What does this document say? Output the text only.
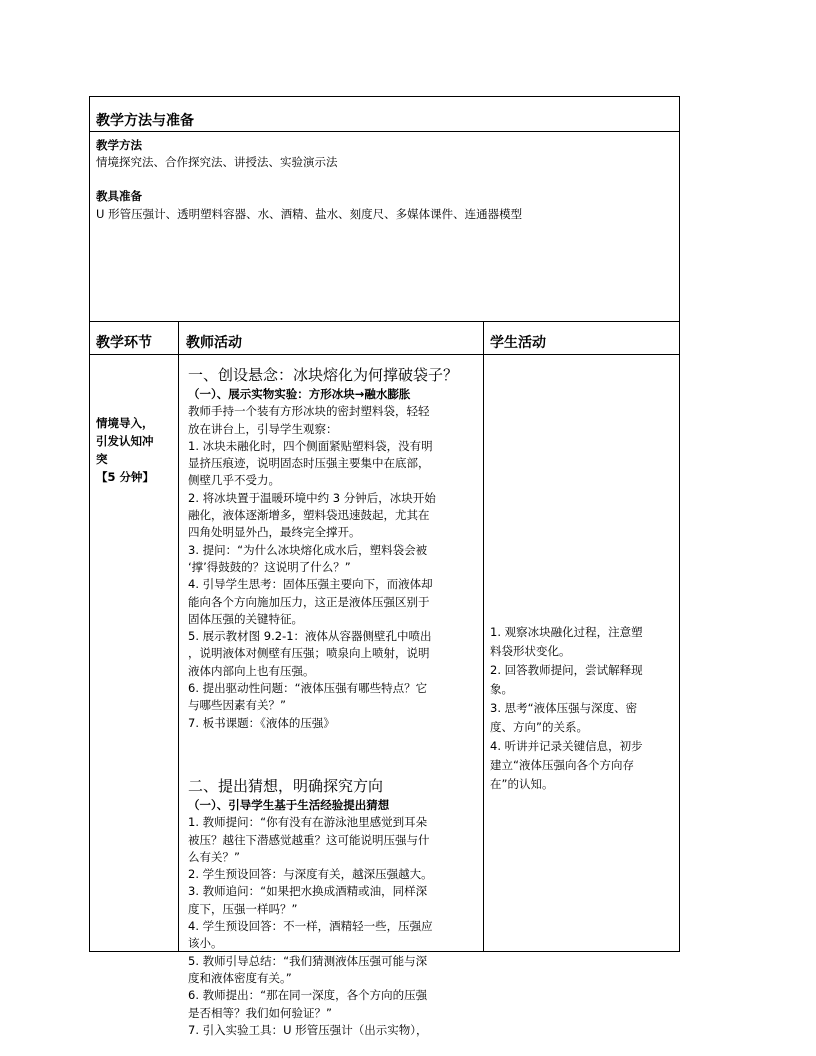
教学方法与准备
教学方法
情境探究法、合作探究法、讲授法、实验演示法
教具准备
U 形管压强计、透明塑料容器、水、酒精、盐水、刻度尺、多媒体课件、连通器模型
教学环节 教师活动	学生活动

情境导入，

引发认知冲

突

【5 分钟】

一、创设悬念：冰块熔化为何撑破袋子？

（一）、展示实物实验：方形冰块→融水膨胀

教师手持一个装有方形冰块的密封塑料袋，轻轻

放在讲台上，引导学生观察：

1. 冰块未融化时，四个侧面紧贴塑料袋，没有明

显挤压痕迹，说明固态时压强主要集中在底部，

侧壁几乎不受力。

2. 将冰块置于温暖环境中约 3 分钟后，冰块开始

融化，液体逐渐增多，塑料袋迅速鼓起，尤其在

四角处明显外凸，最终完全撑开。

3. 提问：“为什么冰块熔化成水后，塑料袋会被

‘撑’得鼓鼓的？这说明了什么？”

4. 引导学生思考：固体压强主要向下，而液体却

能向各个方向施加压力，这正是液体压强区别于

固体压强的关键特征。

5. 展示教材图 9.2-1：液体从容器侧壁孔中喷出

，说明液体对侧壁有压强；喷泉向上喷射，说明

液体内部向上也有压强。

6. 提出驱动性问题：“液体压强有哪些特点？它

与哪些因素有关？”

7. 板书课题：《液体的压强》

二、提出猜想，明确探究方向

（一）、引导学生基于生活经验提出猜想

1. 教师提问：“你有没有在游泳池里感觉到耳朵

被压？越往下潜感觉越重？这可能说明压强与什

么有关？”

2. 学生预设回答：与深度有关，越深压强越大。

3. 教师追问：“如果把水换成酒精或油，同样深

度下，压强一样吗？”

4. 学生预设回答：不一样，酒精轻一些，压强应

该小。

5. 教师引导总结：“我们猜测液体压强可能与深

度和液体密度有关。”

6. 教师提出：“那在同一深度，各个方向的压强

是否相等？我们如何验证？”

7. 引入实验工具：U 形管压强计（出示实物），

1. 观察冰块融化过程，注意塑

料袋形状变化。

2. 回答教师提问，尝试解释现

象。

3. 思考“液体压强与深度、密

度、方向”的关系。

4. 听讲并记录关键信息，初步

建立“液体压强向各个方向存

在”的认知。
